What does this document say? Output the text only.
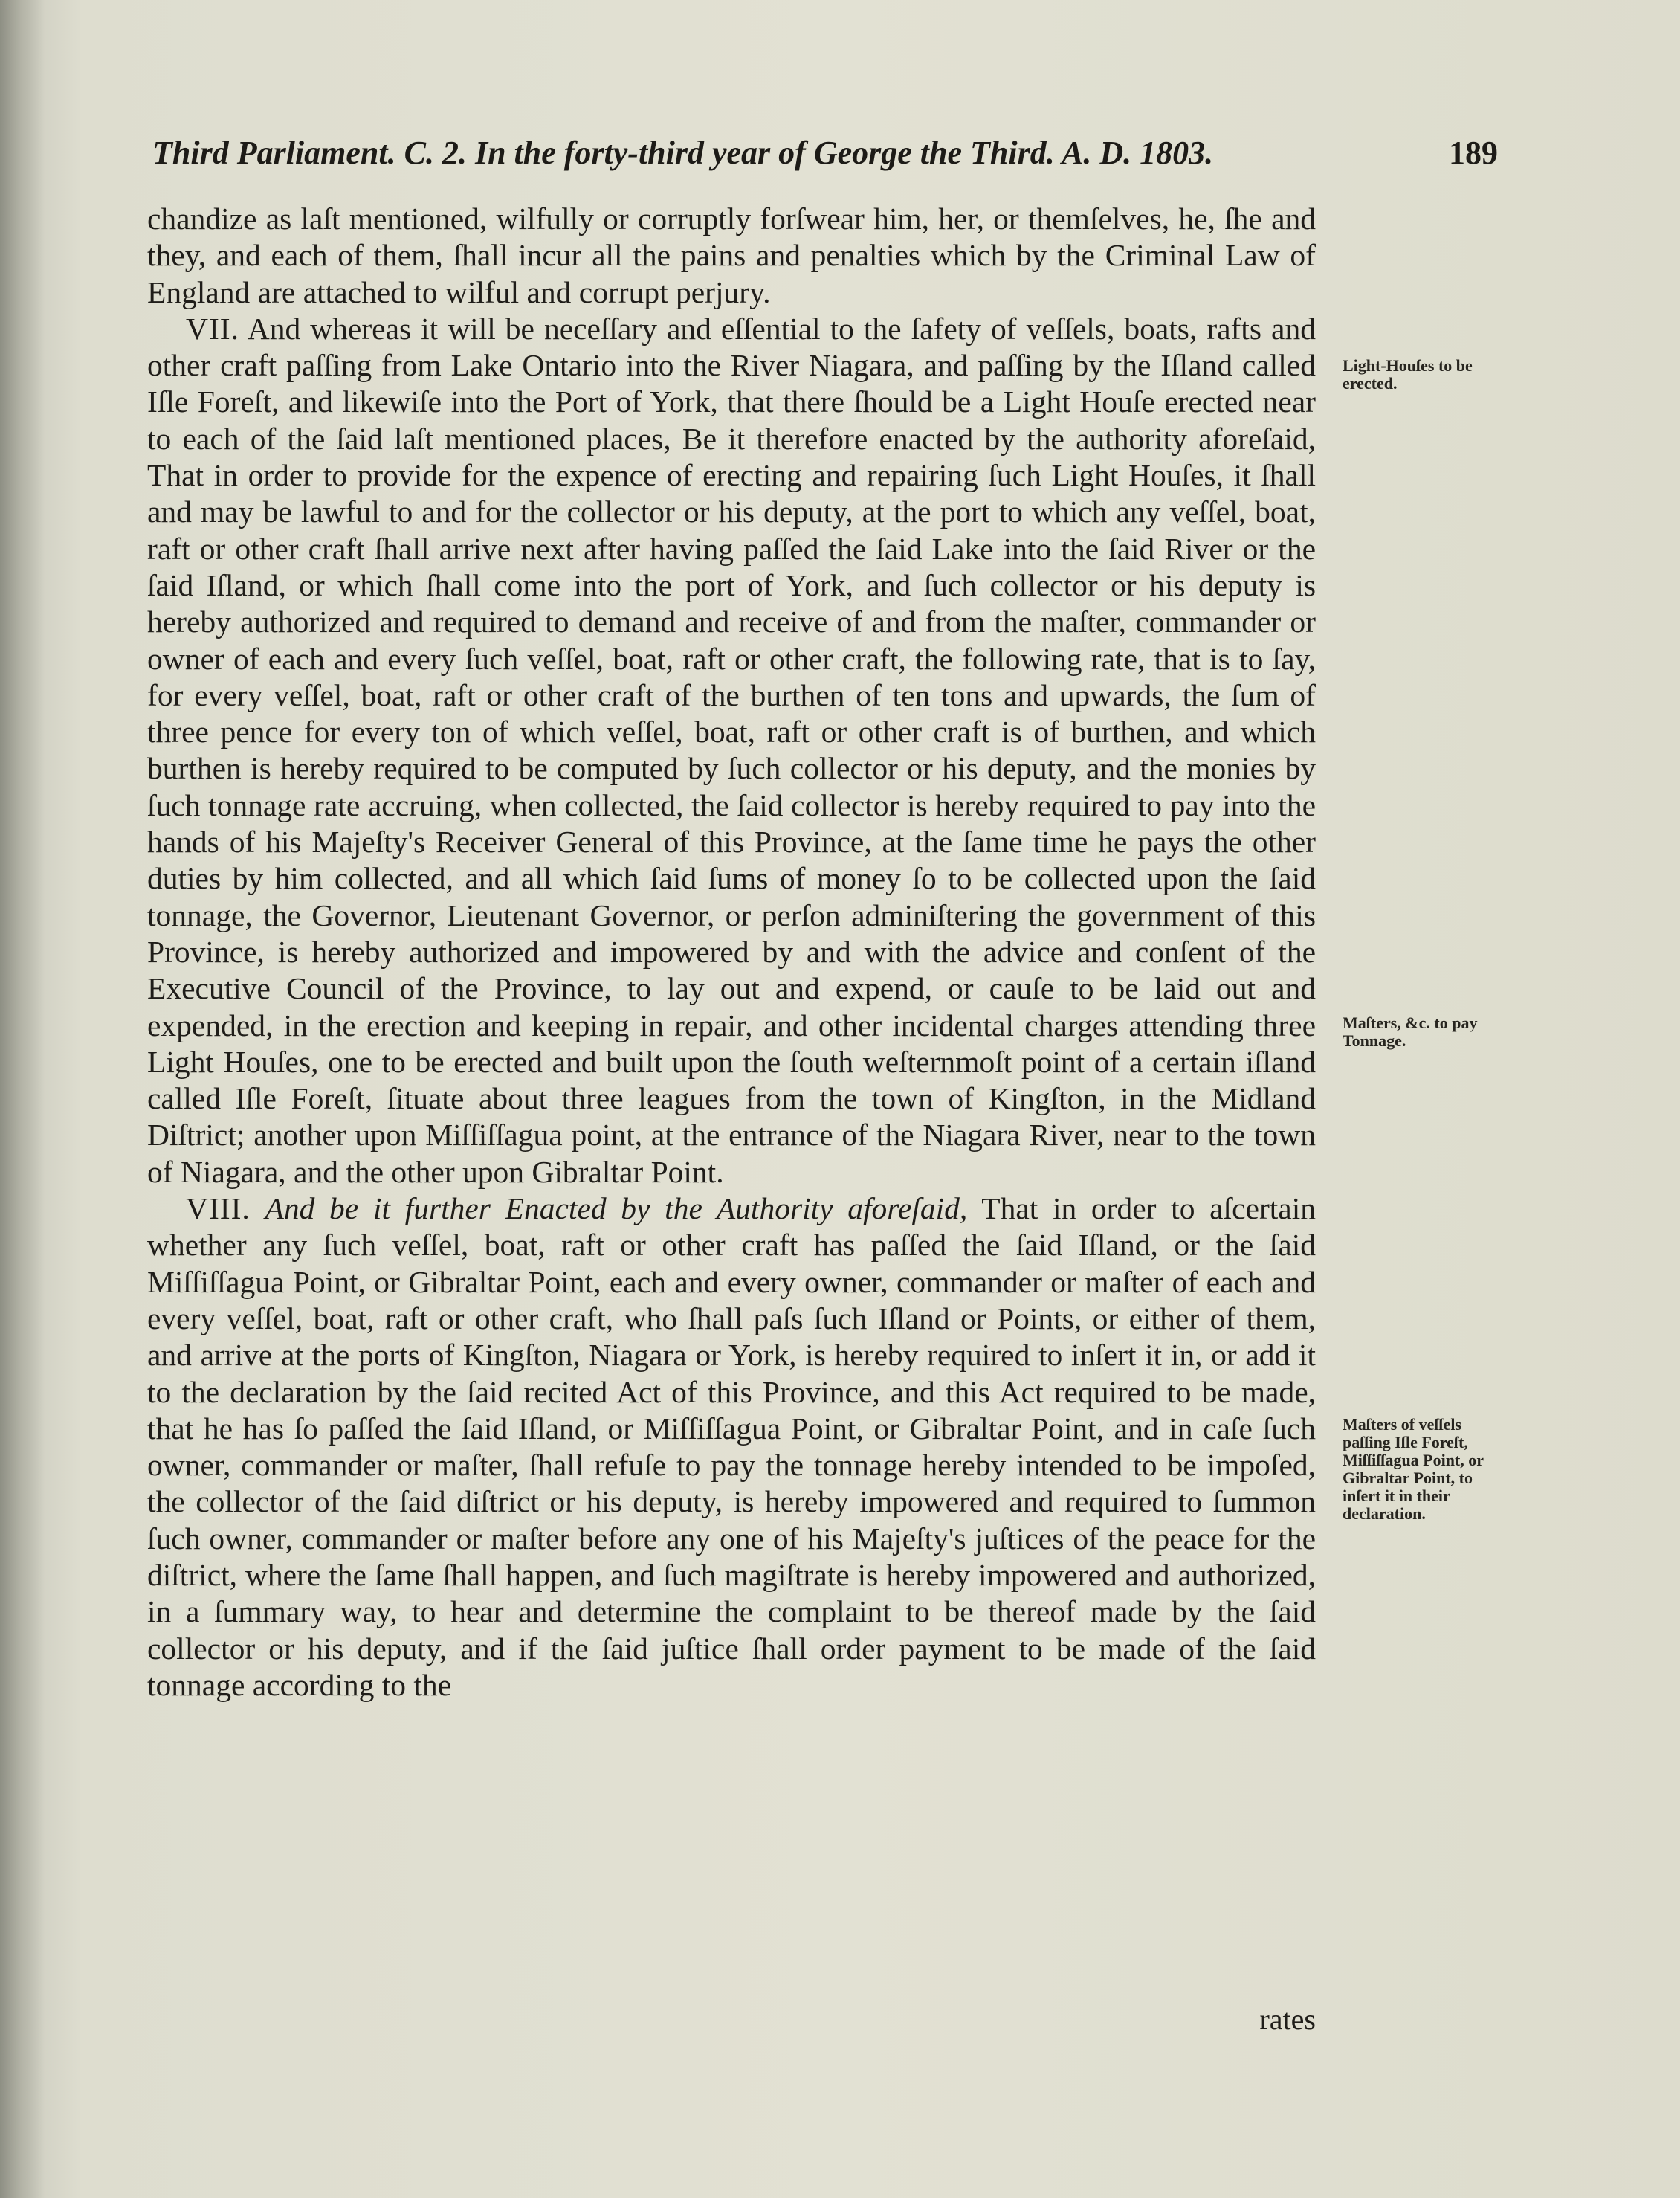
Third Parliament. C. 2. In the forty-third year of George the Third. A. D. 1803.	189

chandize as laſt mentioned, wilfully or corruptly forſwear him, her, or themſelves, he, ſhe and they, and each of them, ſhall incur all the pains and penalties which by the Criminal Law of England are attached to wilful and corrupt perjury.

VII. And whereas it will be neceſſary and eſſential to the ſafety of veſſels, boats, rafts and other craft paſſing from Lake Ontario into the River Niagara, and paſſing by the Iſland called Iſle Foreſt, and likewiſe into the Port of York, that there ſhould be a Light Houſe erected near to each of the ſaid laſt mentioned places, Be it therefore enacted by the authority aforeſaid, That in order to provide for the expence of erecting and repairing ſuch Light Houſes, it ſhall and may be lawful to and for the collector or his deputy, at the port to which any veſſel, boat, raft or other craft ſhall arrive next after having paſſed the ſaid Lake into the ſaid River or the ſaid Iſland, or which ſhall come into the port of York, and ſuch collector or his deputy is hereby authorized and required to demand and receive of and from the maſter, commander or owner of each and every ſuch veſſel, boat, raft or other craft, the following rate, that is to ſay, for every veſſel, boat, raft or other craft of the burthen of ten tons and upwards, the ſum of three pence for every ton of which veſſel, boat, raft or other craft is of burthen, and which burthen is hereby required to be computed by ſuch collector or his deputy, and the monies by ſuch tonnage rate accruing, when collected, the ſaid collector is hereby required to pay into the hands of his Majeſty's Receiver General of this Province, at the ſame time he pays the other duties by him collected, and all which ſaid ſums of money ſo to be collected upon the ſaid tonnage, the Governor, Lieutenant Governor, or perſon adminiſtering the government of this Province, is hereby authorized and impowered by and with the advice and conſent of the Executive Council of the Province, to lay out and expend, or cauſe to be laid out and expended, in the erection and keeping in repair, and other incidental charges attending three Light Houſes, one to be erected and built upon the ſouth weſternmoſt point of a certain iſland called Iſle Foreſt, ſituate about three leagues from the town of Kingſton, in the Midland Diſtrict; another upon Miſſiſſagua point, at the entrance of the Niagara River, near to the town of Niagara, and the other upon Gibraltar Point.

VIII. And be it further Enacted by the Authority aforeſaid, That in order to aſcertain whether any ſuch veſſel, boat, raft or other craft has paſſed the ſaid Iſland, or the ſaid Miſſiſſagua Point, or Gibraltar Point, each and every owner, commander or maſter of each and every veſſel, boat, raft or other craft, who ſhall paſs ſuch Iſland or Points, or either of them, and arrive at the ports of Kingſton, Niagara or York, is hereby required to inſert it in, or add it to the declaration by the ſaid recited Act of this Province, and this Act required to be made, that he has ſo paſſed the ſaid Iſland, or Miſſiſſagua Point, or Gibraltar Point, and in caſe ſuch owner, commander or maſter, ſhall refuſe to pay the tonnage hereby intended to be impoſed, the collector of the ſaid diſtrict or his deputy, is hereby impowered and required to ſummon ſuch owner, commander or maſter before any one of his Majeſty's juſtices of the peace for the diſtrict, where the ſame ſhall happen, and ſuch magiſtrate is hereby impowered and authorized, in a ſummary way, to hear and determine the complaint to be thereof made by the ſaid collector or his deputy, and if the ſaid juſtice ſhall order payment to be made of the ſaid tonnage according to the

rates
Light-Houſes to be erected.
Maſters, &c. to pay Tonnage.
Maſters of veſſels paſſing Iſle Foreſt, Miſſiſſagua Point, or Gibraltar Point, to inſert it in their declaration.
